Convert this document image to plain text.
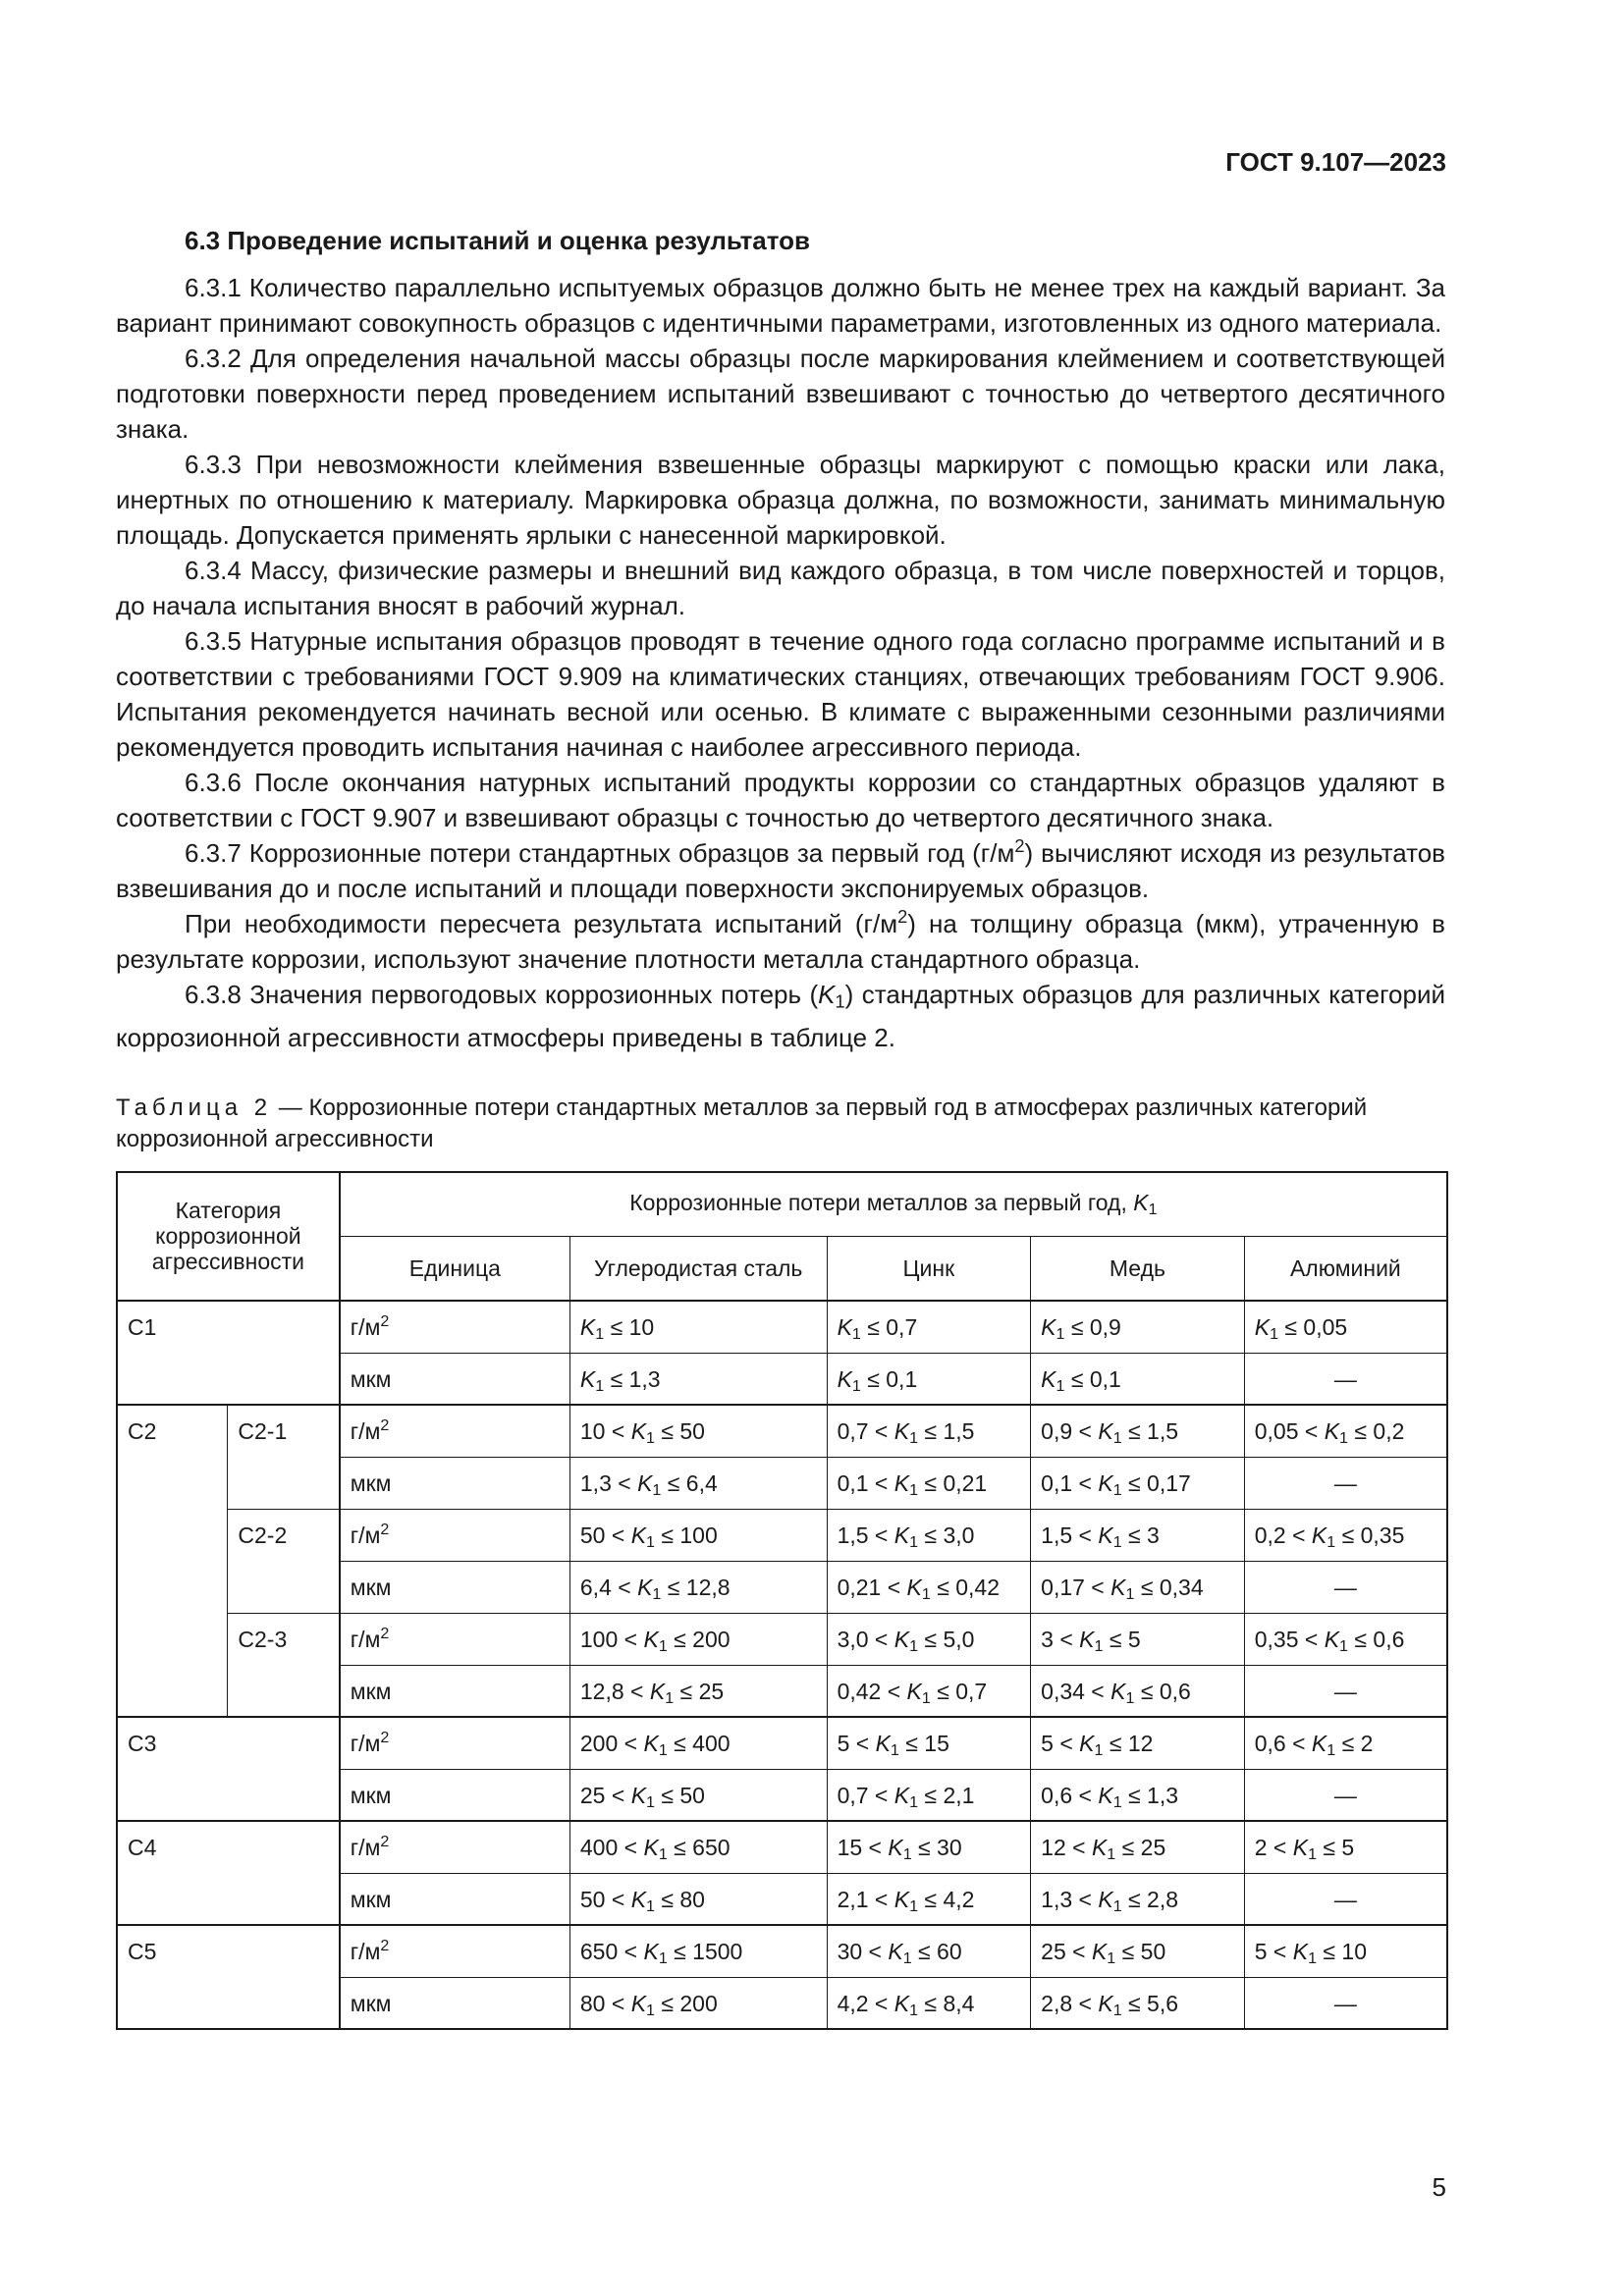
ГОСТ 9.107—2023
6.3 Проведение испытаний и оценка результатов

6.3.1 Количество параллельно испытуемых образцов должно быть не менее трех на каждый вариант. За вариант принимают совокупность образцов с идентичными параметрами, изготовленных из одного материала.

6.3.2 Для определения начальной массы образцы после маркирования клеймением и соответствующей подготовки поверхности перед проведением испытаний взвешивают с точностью до четвертого десятичного знака.

6.3.3 При невозможности клеймения взвешенные образцы маркируют с помощью краски или лака, инертных по отношению к материалу. Маркировка образца должна, по возможности, занимать минимальную площадь. Допускается применять ярлыки с нанесенной маркировкой.

6.3.4 Массу, физические размеры и внешний вид каждого образца, в том числе поверхностей и торцов, до начала испытания вносят в рабочий журнал.

6.3.5 Натурные испытания образцов проводят в течение одного года согласно программе испытаний и в соответствии с требованиями ГОСТ 9.909 на климатических станциях, отвечающих требованиям ГОСТ 9.906. Испытания рекомендуется начинать весной или осенью. В климате с выраженными сезонными различиями рекомендуется проводить испытания начиная с наиболее агрессивного периода.

6.3.6 После окончания натурных испытаний продукты коррозии со стандартных образцов удаляют в соответствии с ГОСТ 9.907 и взвешивают образцы с точностью до четвертого десятичного знака.

6.3.7 Коррозионные потери стандартных образцов за первый год $(г/м^2)$ вычисляют исходя из результатов взвешивания до и после испытаний и площади поверхности экспонируемых образцов.

При необходимости пересчета результата испытаний $(г/м^2)$ на толщину образца (мкм), утраченную в результате коррозии, используют значение плотности металла стандартного образца.

6.3.8 Значения первогодовых коррозионных потерь $(K_1)$ стандартных образцов для различных категорий коррозионной агрессивности атмосферы приведены в таблице 2.

Таблица 2 — Коррозионные потери стандартных металлов за первый год в атмосферах различных категорий коррозионной агрессивности
Категория коррозионной агрессивности		Коррозионные потери металлов за первый год, $K_1$
		Единица	Углеродистая сталь	Цинк	Медь	Алюминий
С1		$г/м^2$	$K_1 \le 10$	$K_1 \le 0,7$	$K_1 \le 0,9$	$K_1 \le 0,05$
		мкм	$K_1 \le 1,3$	$K_1 \le 0,1$	$K_1 \le 0,1$	—
С2	С2-1	$г/м^2$	$10 < K_1 \le 50$	$0,7 < K_1 \le 1,5$	$0,9 < K_1 \le 1,5$	$0,05 < K_1 \le 0,2$
		мкм	$1,3 < K_1 \le 6,4$	$0,1 < K_1 \le 0,21$	$0,1 < K_1 \le 0,17$	—
	С2-2	$г/м^2$	$50 < K_1 \le 100$	$1,5 < K_1 \le 3,0$	$1,5 < K_1 \le 3$	$0,2 < K_1 \le 0,35$
		мкм	$6,4 < K_1 \le 12,8$	$0,21 < K_1 \le 0,42$	$0,17 < K_1 \le 0,34$	—
	С2-3	$г/м^2$	$100 < K_1 \le 200$	$3,0 < K_1 \le 5,0$	$3 < K_1 \le 5$	$0,35 < K_1 \le 0,6$
		мкм	$12,8 < K_1 \le 25$	$0,42 < K_1 \le 0,7$	$0,34 < K_1 \le 0,6$	—
С3		$г/м^2$	$200 < K_1 \le 400$	$5 < K_1 \le 15$	$5 < K_1 \le 12$	$0,6 < K_1 \le 2$
		мкм	$25 < K_1 \le 50$	$0,7 < K_1 \le 2,1$	$0,6 < K_1 \le 1,3$	—
С4		$г/м^2$	$400 < K_1 \le 650$	$15 < K_1 \le 30$	$12 < K_1 \le 25$	$2 < K_1 \le 5$
		мкм	$50 < K_1 \le 80$	$2,1 < K_1 \le 4,2$	$1,3 < K_1 \le 2,8$	—
С5		$г/м^2$	$650 < K_1 \le 1500$	$30 < K_1 \le 60$	$25 < K_1 \le 50$	$5 < K_1 \le 10$
		мкм	$80 < K_1 \le 200$	$4,2 < K_1 \le 8,4$	$2,8 < K_1 \le 5,6$	—
5
